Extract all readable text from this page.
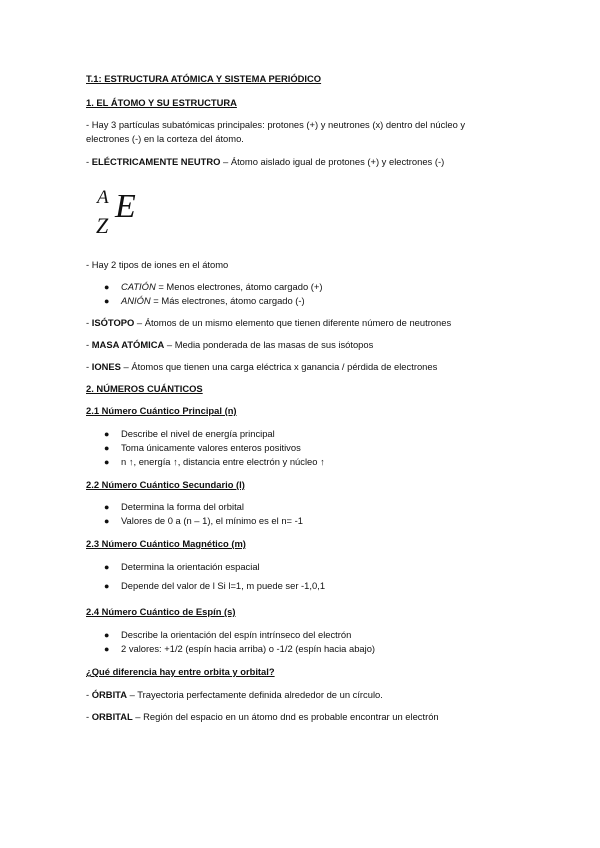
T.1: ESTRUCTURA ATÓMICA Y SISTEMA PERIÓDICO
1. EL ÁTOMO Y SU ESTRUCTURA
- Hay 3 partículas subatómicas principales: protones (+) y neutrones (x) dentro del núcleo y
electrones (-) en la corteza del átomo.
- ELÉCTRICAMENTE NEUTRO – Átomo aislado igual de protones (+) y electrones (-)
A
Z
E
- Hay 2 tipos de iones en el átomo
● CATIÓN = Menos electrones, átomo cargado (+)
● ANIÓN = Más electrones, átomo cargado (-)
- ISÓTOPO – Átomos de un mismo elemento que tienen diferente número de neutrones
- MASA ATÓMICA – Media ponderada de las masas de sus isótopos
- IONES – Átomos que tienen una carga eléctrica x ganancia / pérdida de electrones
2. NÚMEROS CUÁNTICOS
2.1 Número Cuántico Principal (n)
● Describe el nivel de energía principal
● Toma únicamente valores enteros positivos
● n ↑, energía ↑, distancia entre electrón y núcleo ↑
2.2 Número Cuántico Secundario (l)
● Determina la forma del orbital
● Valores de 0 a (n – 1), el mínimo es el n= -1
2.3 Número Cuántico Magnético (m)
● Determina la orientación espacial
● Depende del valor de l Si l=1, m puede ser -1,0,1
2.4 Número Cuántico de Espín (s)
● Describe la orientación del espín intrínseco del electrón
● 2 valores: +1/2 (espín hacia arriba) o -1/2 (espín hacia abajo)
¿Qué diferencia hay entre orbita y orbital?
- ÓRBITA – Trayectoria perfectamente definida alrededor de un círculo.
- ORBITAL – Región del espacio en un átomo dnd es probable encontrar un electrón
